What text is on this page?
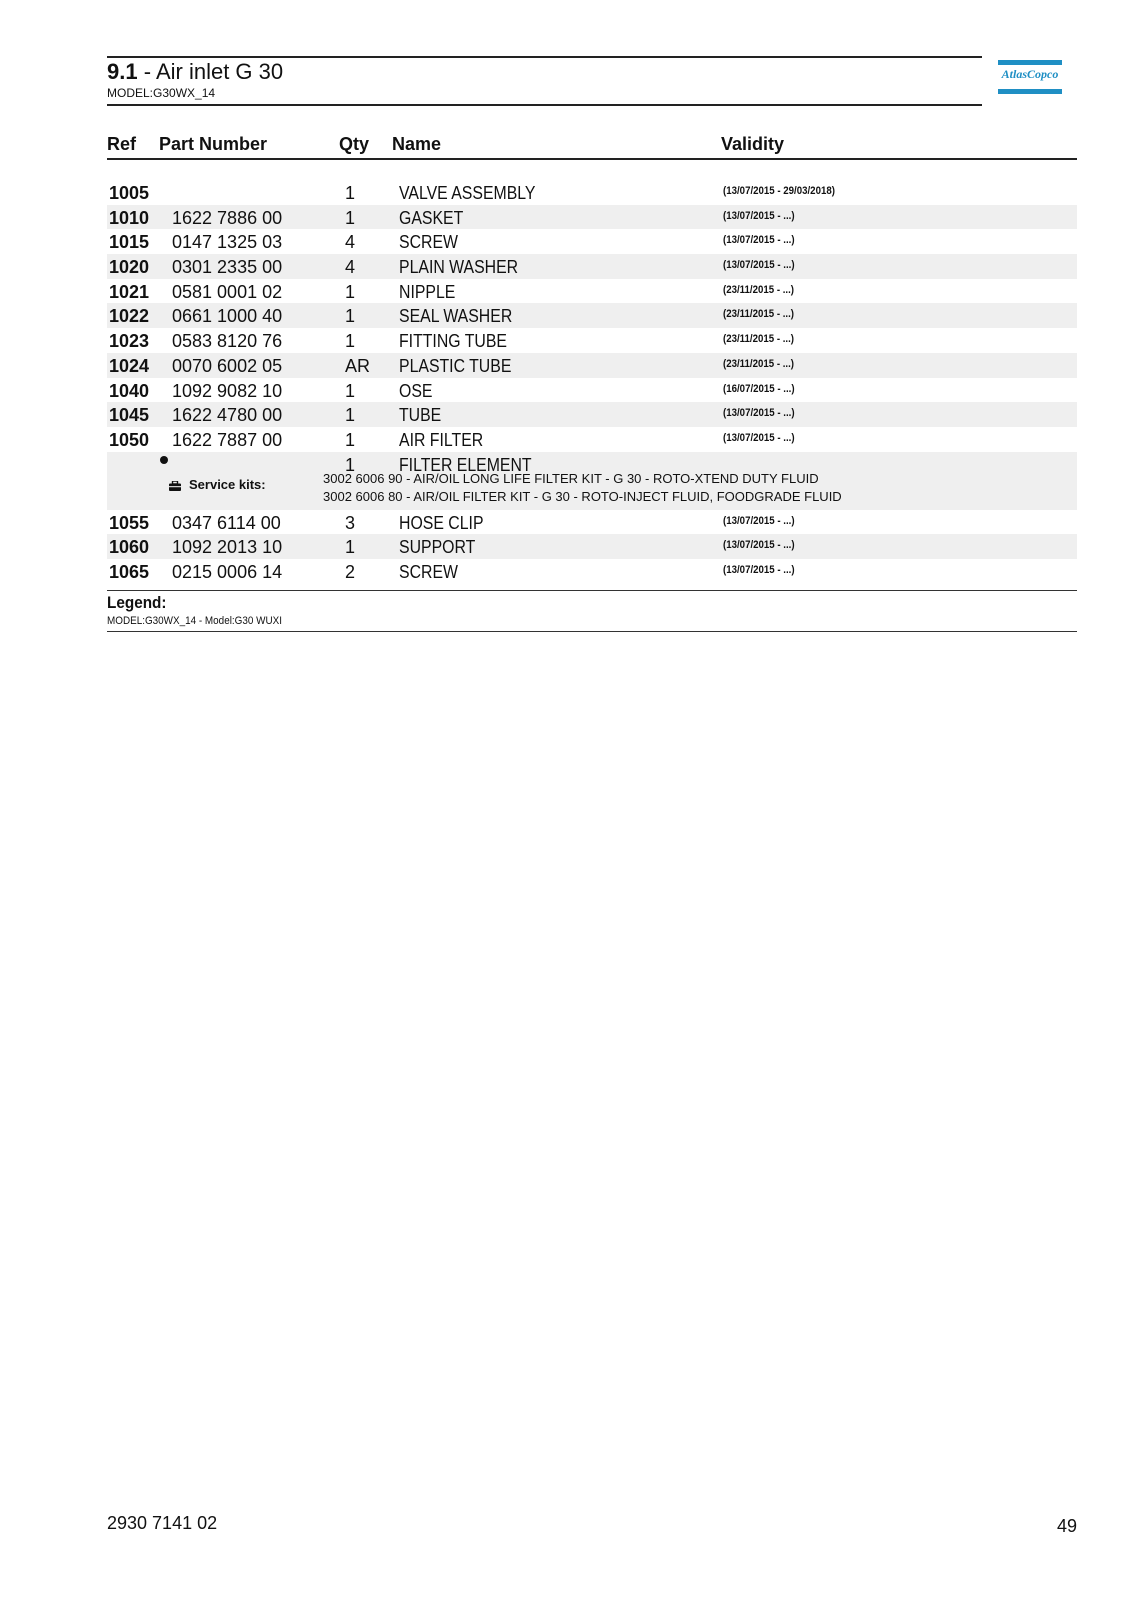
9.1 - Air inlet G 30
MODEL:G30WX_14
AtlasCopco
Ref Part Number	Qty Name	Validity
1005	1 VALVE ASSEMBLY	(13/07/2015 - 29/03/2018)
1010 1622 7886 00	1 GASKET	(13/07/2015 - ...)
1015 0147 1325 03	4 SCREW	(13/07/2015 - ...)
1020 0301 2335 00	4 PLAIN WASHER	(13/07/2015 - ...)
1021 0581 0001 02	1 NIPPLE	(23/11/2015 - ...)
1022 0661 1000 40	1 SEAL WASHER	(23/11/2015 - ...)
1023 0583 8120 76	1 FITTING TUBE	(23/11/2015 - ...)
1024 0070 6002 05	AR PLASTIC TUBE	(23/11/2015 - ...)
1040 1092 9082 10	1 OSE	(16/07/2015 - ...)
1045 1622 4780 00	1 TUBE	(13/07/2015 - ...)
1050 1622 7887 00	1 AIR FILTER	(13/07/2015 - ...)
1 FILTER ELEMENT
Service kits:	3002 6006 90 - AIR/OIL LONG LIFE FILTER KIT - G 30 - ROTO-XTEND DUTY FLUID
3002 6006 80 - AIR/OIL FILTER KIT - G 30 - ROTO-INJECT FLUID, FOODGRADE FLUID
1055 0347 6114 00	3 HOSE CLIP	(13/07/2015 - ...)
1060 1092 2013 10	1 SUPPORT	(13/07/2015 - ...)
1065 0215 0006 14	2 SCREW	(13/07/2015 - ...)
Legend:
MODEL:G30WX_14 - Model:G30 WUXI
2930 7141 02	49
